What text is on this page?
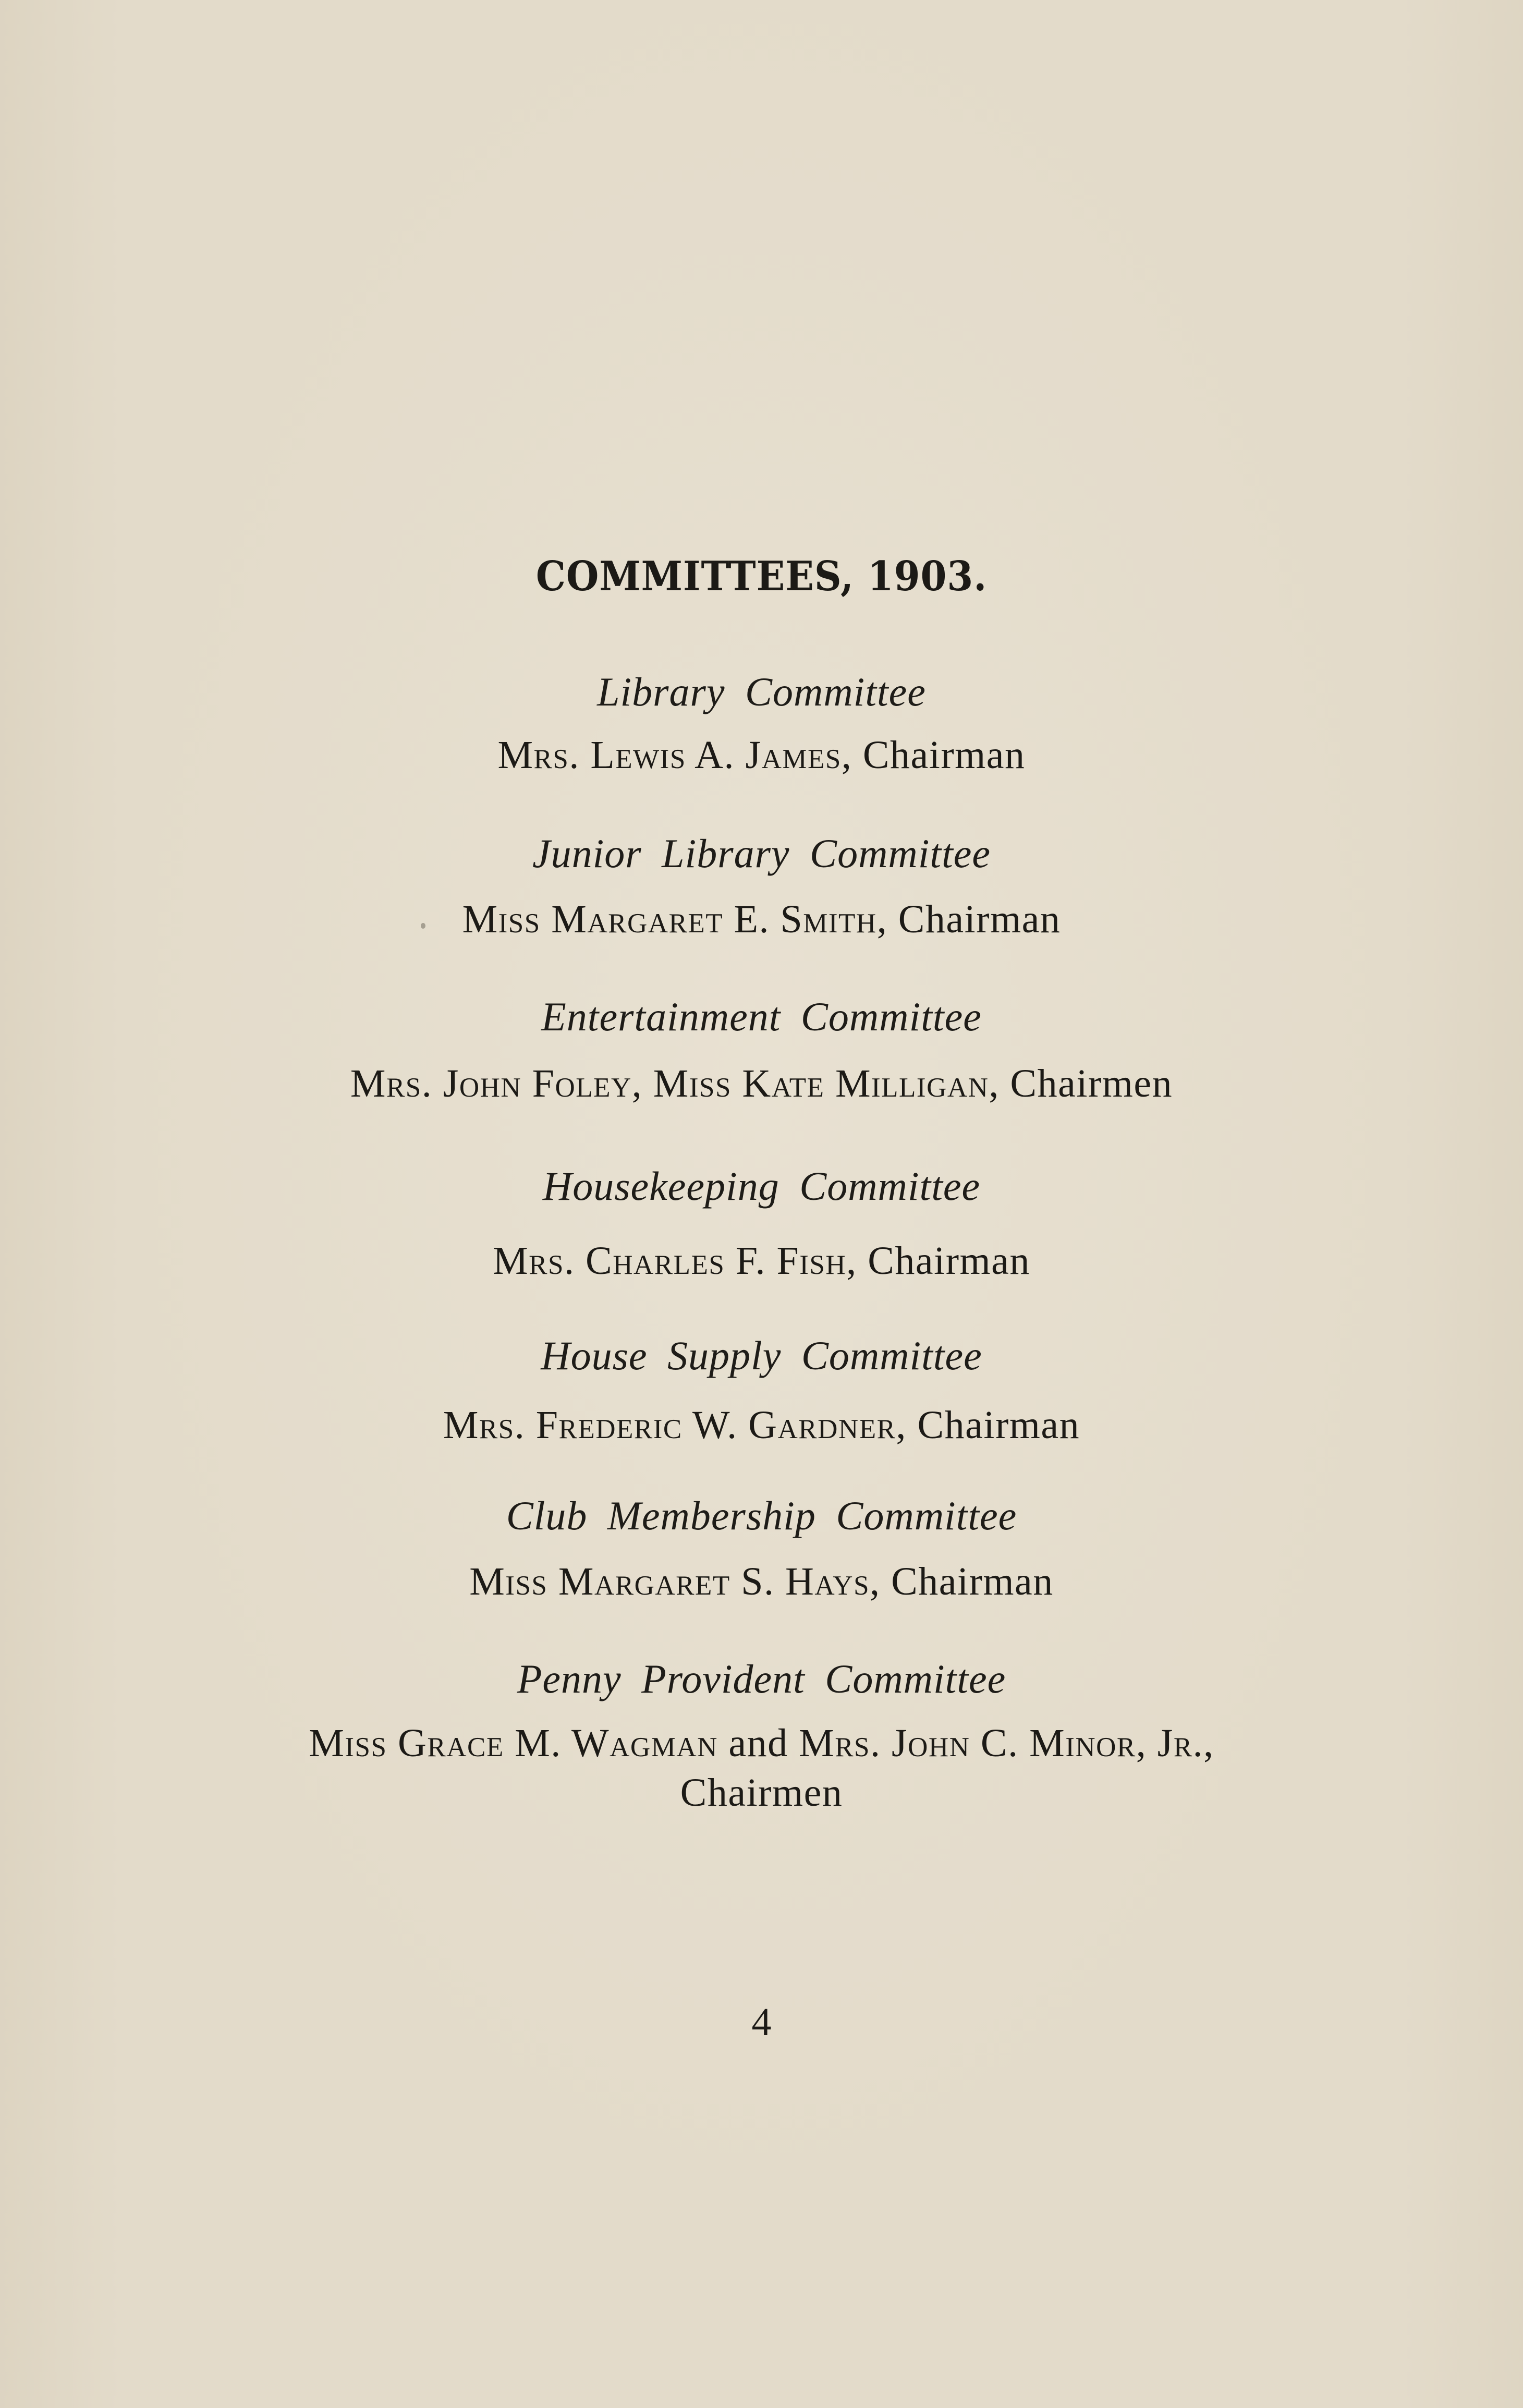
COMMITTEES, 1903.
Library Committee
Mrs. Lewis A. James, Chairman
Junior Library Committee
Miss Margaret E. Smith, Chairman
Entertainment Committee
Mrs. John Foley, Miss Kate Milligan, Chairmen
Housekeeping Committee
Mrs. Charles F. Fish, Chairman
House Supply Committee
Mrs. Frederic W. Gardner, Chairman
Club Membership Committee
Miss Margaret S. Hays, Chairman
Penny Provident Committee
Miss Grace M. Wagman and Mrs. John C. Minor, Jr.,
Chairmen
4
